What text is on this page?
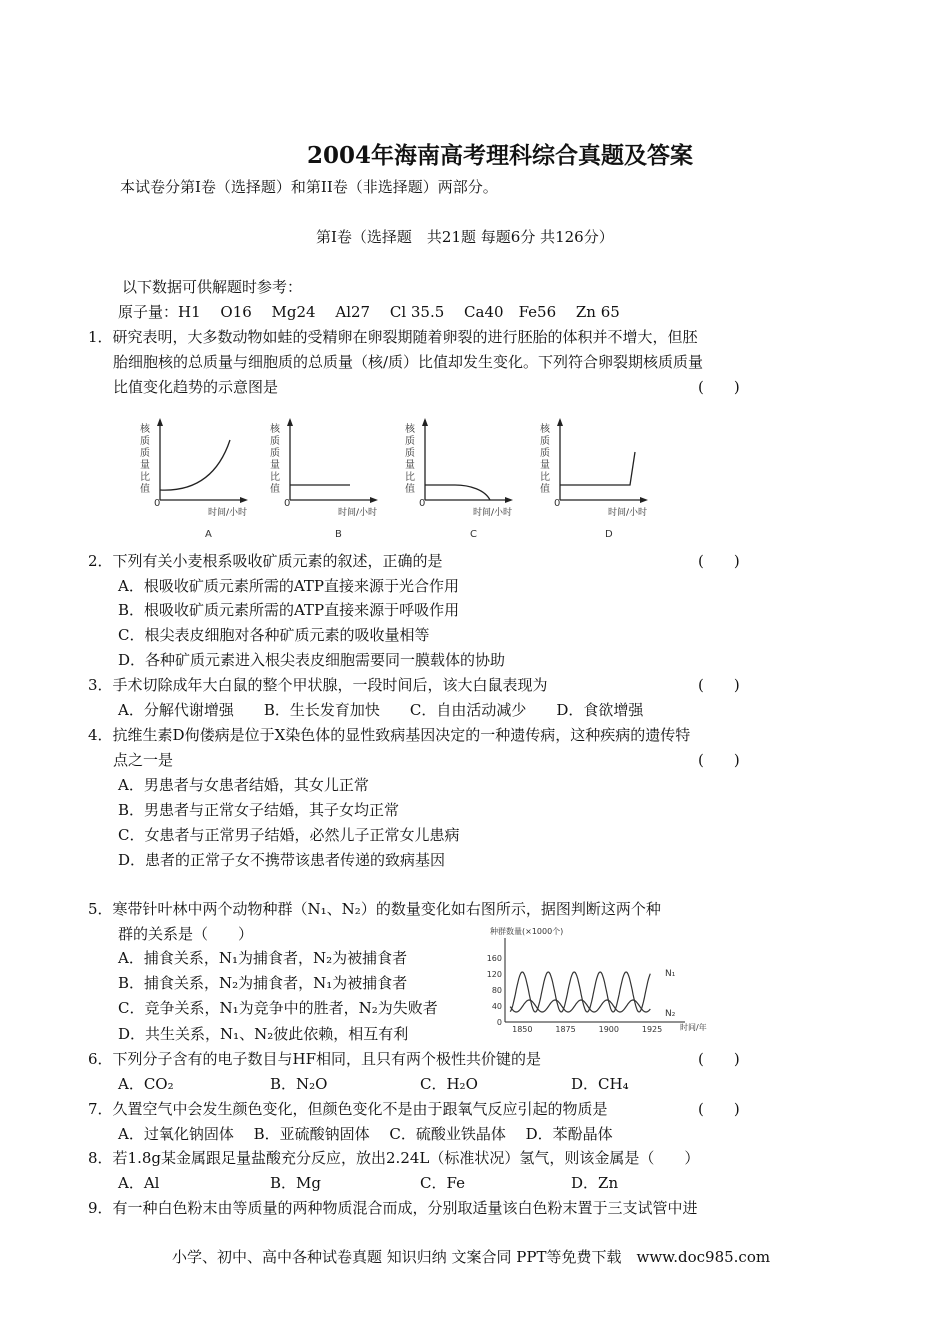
2004年海南高考理科综合真题及答案
本试卷分第I卷（选择题）和第II卷（非选择题）两部分。
第I卷（选择题　共21题 每题6分 共126分）
以下数据可供解题时参考：
原子量：H1　 O16　 Mg24　 Al27　 Cl 35.5　 Ca40　Fe56　 Zn 65
1．研究表明，大多数动物如蛙的受精卵在卵裂期随着卵裂的进行胚胎的体积并不增大，但胚
胎细胞核的总质量与细胞质的总质量（核/质）比值却发生变化。下列符合卵裂期核质质量
比值变化趋势的示意图是	(　　)
核
质
质
量
比
值
0
时间/小时
A
核
质
质
量
比
值
0
时间/小时
B
核
质
质
量
比
值
0
时间/小时
C
核
质
质
量
比
值
0
时间/小时
D
2．下列有关小麦根系吸收矿质元素的叙述，正确的是	(　　)
A．根吸收矿质元素所需的ATP直接来源于光合作用
B．根吸收矿质元素所需的ATP直接来源于呼吸作用
C．根尖表皮细胞对各种矿质元素的吸收量相等
D．各种矿质元素进入根尖表皮细胞需要同一膜载体的协助
3．手术切除成年大白鼠的整个甲状腺，一段时间后，该大白鼠表现为	(　　)
A．分解代谢增强　　B．生长发育加快　　C．自由活动减少　　D．食欲增强
4．抗维生素D佝偻病是位于X染色体的显性致病基因决定的一种遗传病，这种疾病的遗传特
点之一是	(　　)
A．男患者与女患者结婚，其女儿正常
B．男患者与正常女子结婚，其子女均正常
C．女患者与正常男子结婚，必然儿子正常女儿患病
D．患者的正常子女不携带该患者传递的致病基因
5．寒带针叶林中两个动物种群（N₁、N₂）的数量变化如右图所示，据图判断这两个种
群的关系是（　　）
A．捕食关系，N₁为捕食者，N₂为被捕食者
B．捕食关系，N₂为捕食者，N₁为被捕食者
C．竞争关系，N₁为竞争中的胜者，N₂为失败者
D．共生关系，N₁、N₂彼此依赖，相互有利
种群数量(×1000个)
时间/年
0
40
80
120
160
1850	1875	1900	1925
N₁
N₂
6．下列分子含有的电子数目与HF相同，且只有两个极性共价键的是	(　　)
A．CO₂	B．N₂O	C．H₂O	D．CH₄
7．久置空气中会发生颜色变化，但颜色变化不是由于跟氧气反应引起的物质是	(　　)
A．过氧化钠固体　 B．亚硫酸钠固体　 C．硫酸业铁晶体　 D．苯酚晶体
8．若1.8g某金属跟足量盐酸充分反应，放出2.24L（标准状况）氢气，则该金属是（　　）
A．Al	B．Mg	C．Fe	D．Zn
9．有一种白色粉末由等质量的两种物质混合而成，分别取适量该白色粉末置于三支试管中进
小学、初中、高中各种试卷真题 知识归纳 文案合同 PPT等免费下载　www.doc985.com
